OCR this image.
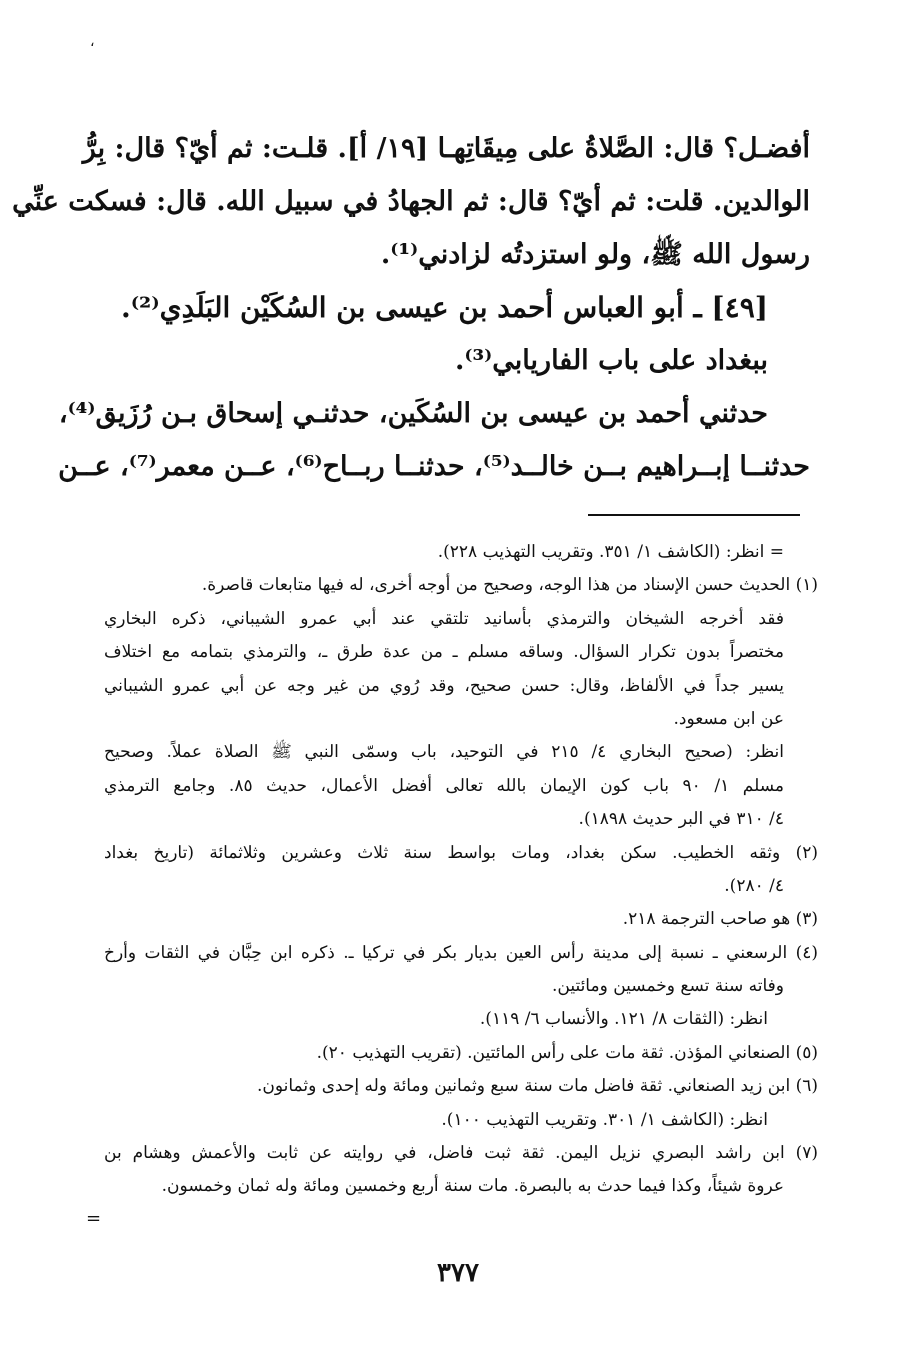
،
أفضـل؟ قال: الصَّلاةُ على مِيقَاتِهـا [١٩/ أ]. قلـت: ثم أيّ؟ قال: بِرُّ
الوالدين. قلت: ثم أيّ؟ قال: ثم الجهادُ في سبيل الله. قال: فسكت عنِّي
رسول الله ﷺ، ولو استزدتُه لزادني⁽¹⁾.
[٤٩] ـ أبو العباس أحمد بن عيسى بن السُكَيْن البَلَدِي⁽²⁾.
ببغداد على باب الفاريابي⁽³⁾.
حدثني أحمد بن عيسى بن السُكَين، حدثنـي إسحاق بـن رُزَيق⁽⁴⁾،
حدثنــا إبــراهيم بــن خالــد⁽⁵⁾، حدثنــا ربــاح⁽⁶⁾، عــن معمر⁽⁷⁾، عــن
= انظر: (الكاشف ١/ ٣٥١. وتقريب التهذيب ٢٢٨).
(١) الحديث حسن الإسناد من هذا الوجه، وصحيح من أوجه أخرى، له فيها متابعات قاصرة.
فقد أخرجه الشيخان والترمذي بأسانيد تلتقي عند أبي عمرو الشيباني، ذكره البخاري
مختصراً بدون تكرار السؤال. وساقه مسلم ـ من عدة طرق ـ، والترمذي بتمامه مع اختلاف
يسير جداً في الألفاظ، وقال: حسن صحيح، وقد رُوي من غير وجه عن أبي عمرو الشيباني
عن ابن مسعود.
انظر: (صحيح البخاري ٤/ ٢١٥ في التوحيد، باب وسمّى النبي ﷺ الصلاة عملاً. وصحيح
مسلم ١/ ٩٠ باب كون الإيمان بالله تعالى أفضل الأعمال، حديث ٨٥. وجامع الترمذي
٤/ ٣١٠ في البر حديث ١٨٩٨).
(٢) وثقه الخطيب. سكن بغداد، ومات بواسط سنة ثلاث وعشرين وثلاثمائة (تاريخ بغداد
٤/ ٢٨٠).
(٣) هو صاحب الترجمة ٢١٨.
(٤) الرسعني ـ نسبة إلى مدينة رأس العين بديار بكر في تركيا ـ. ذكره ابن حِبَّان في الثقات وأرخ
وفاته سنة تسع وخمسين ومائتين.
انظر: (الثقات ٨/ ١٢١. والأنساب ٦/ ١١٩).
(٥) الصنعاني المؤذن. ثقة مات على رأس المائتين. (تقريب التهذيب ٢٠).
(٦) ابن زيد الصنعاني. ثقة فاضل مات سنة سبع وثمانين ومائة وله إحدى وثمانون.
انظر: (الكاشف ١/ ٣٠١. وتقريب التهذيب ١٠٠).
(٧) ابن راشد البصري نزيل اليمن. ثقة ثبت فاضل، في روايته عن ثابت والأعمش وهشام بن
عروة شيئاً، وكذا فيما حدث به بالبصرة. مات سنة أربع وخمسين ومائة وله ثمان وخمسون.
=
٣٧٧
